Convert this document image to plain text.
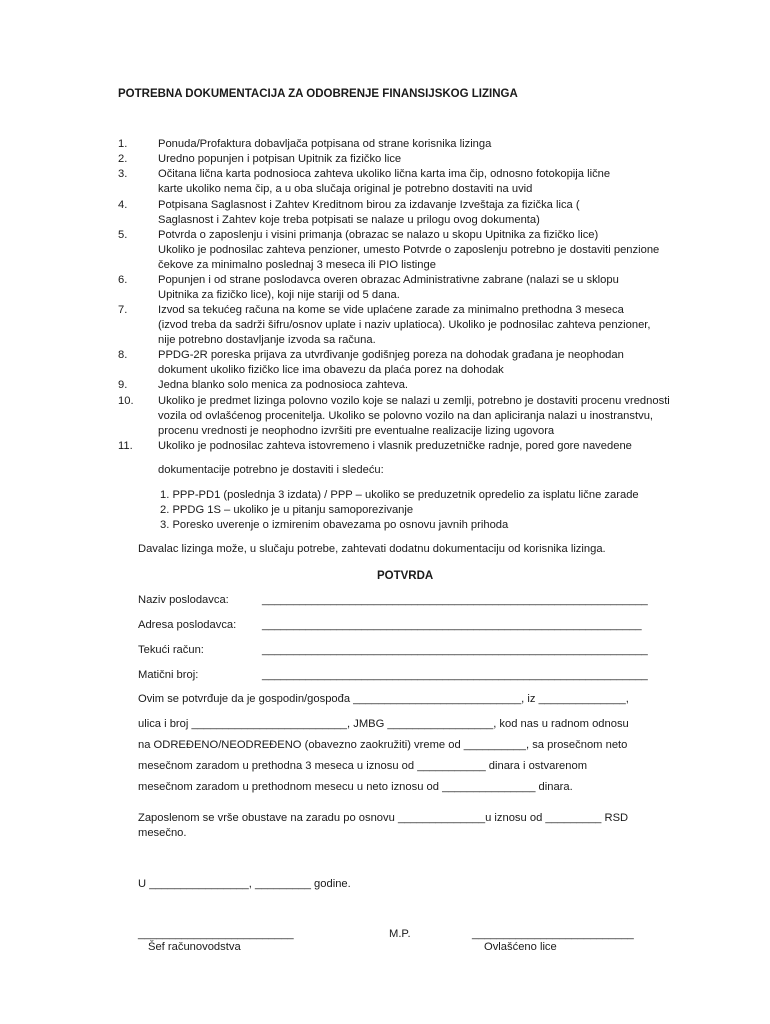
POTREBNA DOKUMENTACIJA ZA ODOBRENJE FINANSIJSKOG LIZINGA
1.	Ponuda/Profaktura dobavljača potpisana od strane korisnika lizinga
2.	Uredno popunjen i potpisan Upitnik za fizičko lice
3.	Očitana lična karta podnosioca zahteva ukoliko lična karta ima čip, odnosno fotokopija lične
karte ukoliko nema čip, a u oba slučaja original je potrebno dostaviti na uvid
4.	Potpisana Saglasnost i Zahtev Kreditnom birou za izdavanje Izveštaja za fizička lica (
Saglasnost i Zahtev koje treba potpisati se nalaze u prilogu ovog dokumenta)
5.	Potvrda o zaposlenju i visini primanja (obrazac se nalazo u skopu Upitnika za fizičko lice)
Ukoliko je podnosilac zahteva penzioner, umesto Potvrde o zaposlenju potrebno je dostaviti penzione
čekove za minimalno poslednaj 3 meseca ili PIO listinge
6.	Popunjen i od strane poslodavca overen obrazac Administrativne zabrane (nalazi se u sklopu
Upitnika za fizičko lice), koji nije stariji od 5 dana.
7.	Izvod sa tekućeg računa na kome se vide uplaćene zarade za minimalno prethodna 3 meseca
(izvod treba da sadrži šifru/osnov uplate i naziv uplatioca). Ukoliko je podnosilac zahteva penzioner,
nije potrebno dostavljanje izvoda sa računa.
8.	PPDG-2R poreska prijava za utvrđivanje godišnjeg poreza na dohodak građana je neophodan
dokument ukoliko fizičko lice ima obavezu da plaća porez na dohodak
9.	Jedna blanko solo menica za podnosioca zahteva.
10.	Ukoliko je predmet lizinga polovno vozilo koje se nalazi u zemlji, potrebno je dostaviti procenu vrednosti
vozila od ovlašćenog procenitelja. Ukoliko se polovno vozilo na dan apliciranja nalazi u inostranstvu,
procenu vrednosti je neophodno izvršiti pre eventualne realizacije lizing ugovora
11.	Ukoliko je podnosilac zahteva istovremeno i vlasnik preduzetničke radnje, pored gore navedene
dokumentacije potrebno je dostaviti i sledeću:
1. PPP-PD1 (poslednja 3 izdata) / PPP – ukoliko se preduzetnik opredelio za isplatu lične zarade
2. PPDG 1S – ukoliko je u pitanju samoporezivanje
3. Poresko uverenje o izmirenim obavezama po osnovu javnih prihoda
Davalac lizinga može, u slučaju potrebe, zahtevati dodatnu dokumentaciju od korisnika lizinga.
POTVRDA
Naziv poslodavca:	______________________________________________________________
Adresa poslodavca: _____________________________________________________________
Tekući račun:	______________________________________________________________
Matični broj:	______________________________________________________________
Ovim se potvrđuje da je gospodin/gospođa ___________________________, iz ______________,
ulica i broj _________________________, JMBG _________________, kod nas u radnom odnosu
na ODREĐENO/NEODREĐENO (obavezno zaokružiti) vreme od __________, sa prosečnom neto
mesečnom zaradom u prethodna 3 meseca u iznosu od ___________ dinara i ostvarenom
mesečnom zaradom u prethodnom mesecu u neto iznosu od _______________ dinara.
Zaposlenom se vrše obustave na zaradu po osnovu ______________u iznosu od _________ RSD
mesečno.
U ________________, _________ godine.
_________________________
Šef računovodstva
M.P.	__________________________
Ovlašćeno lice
